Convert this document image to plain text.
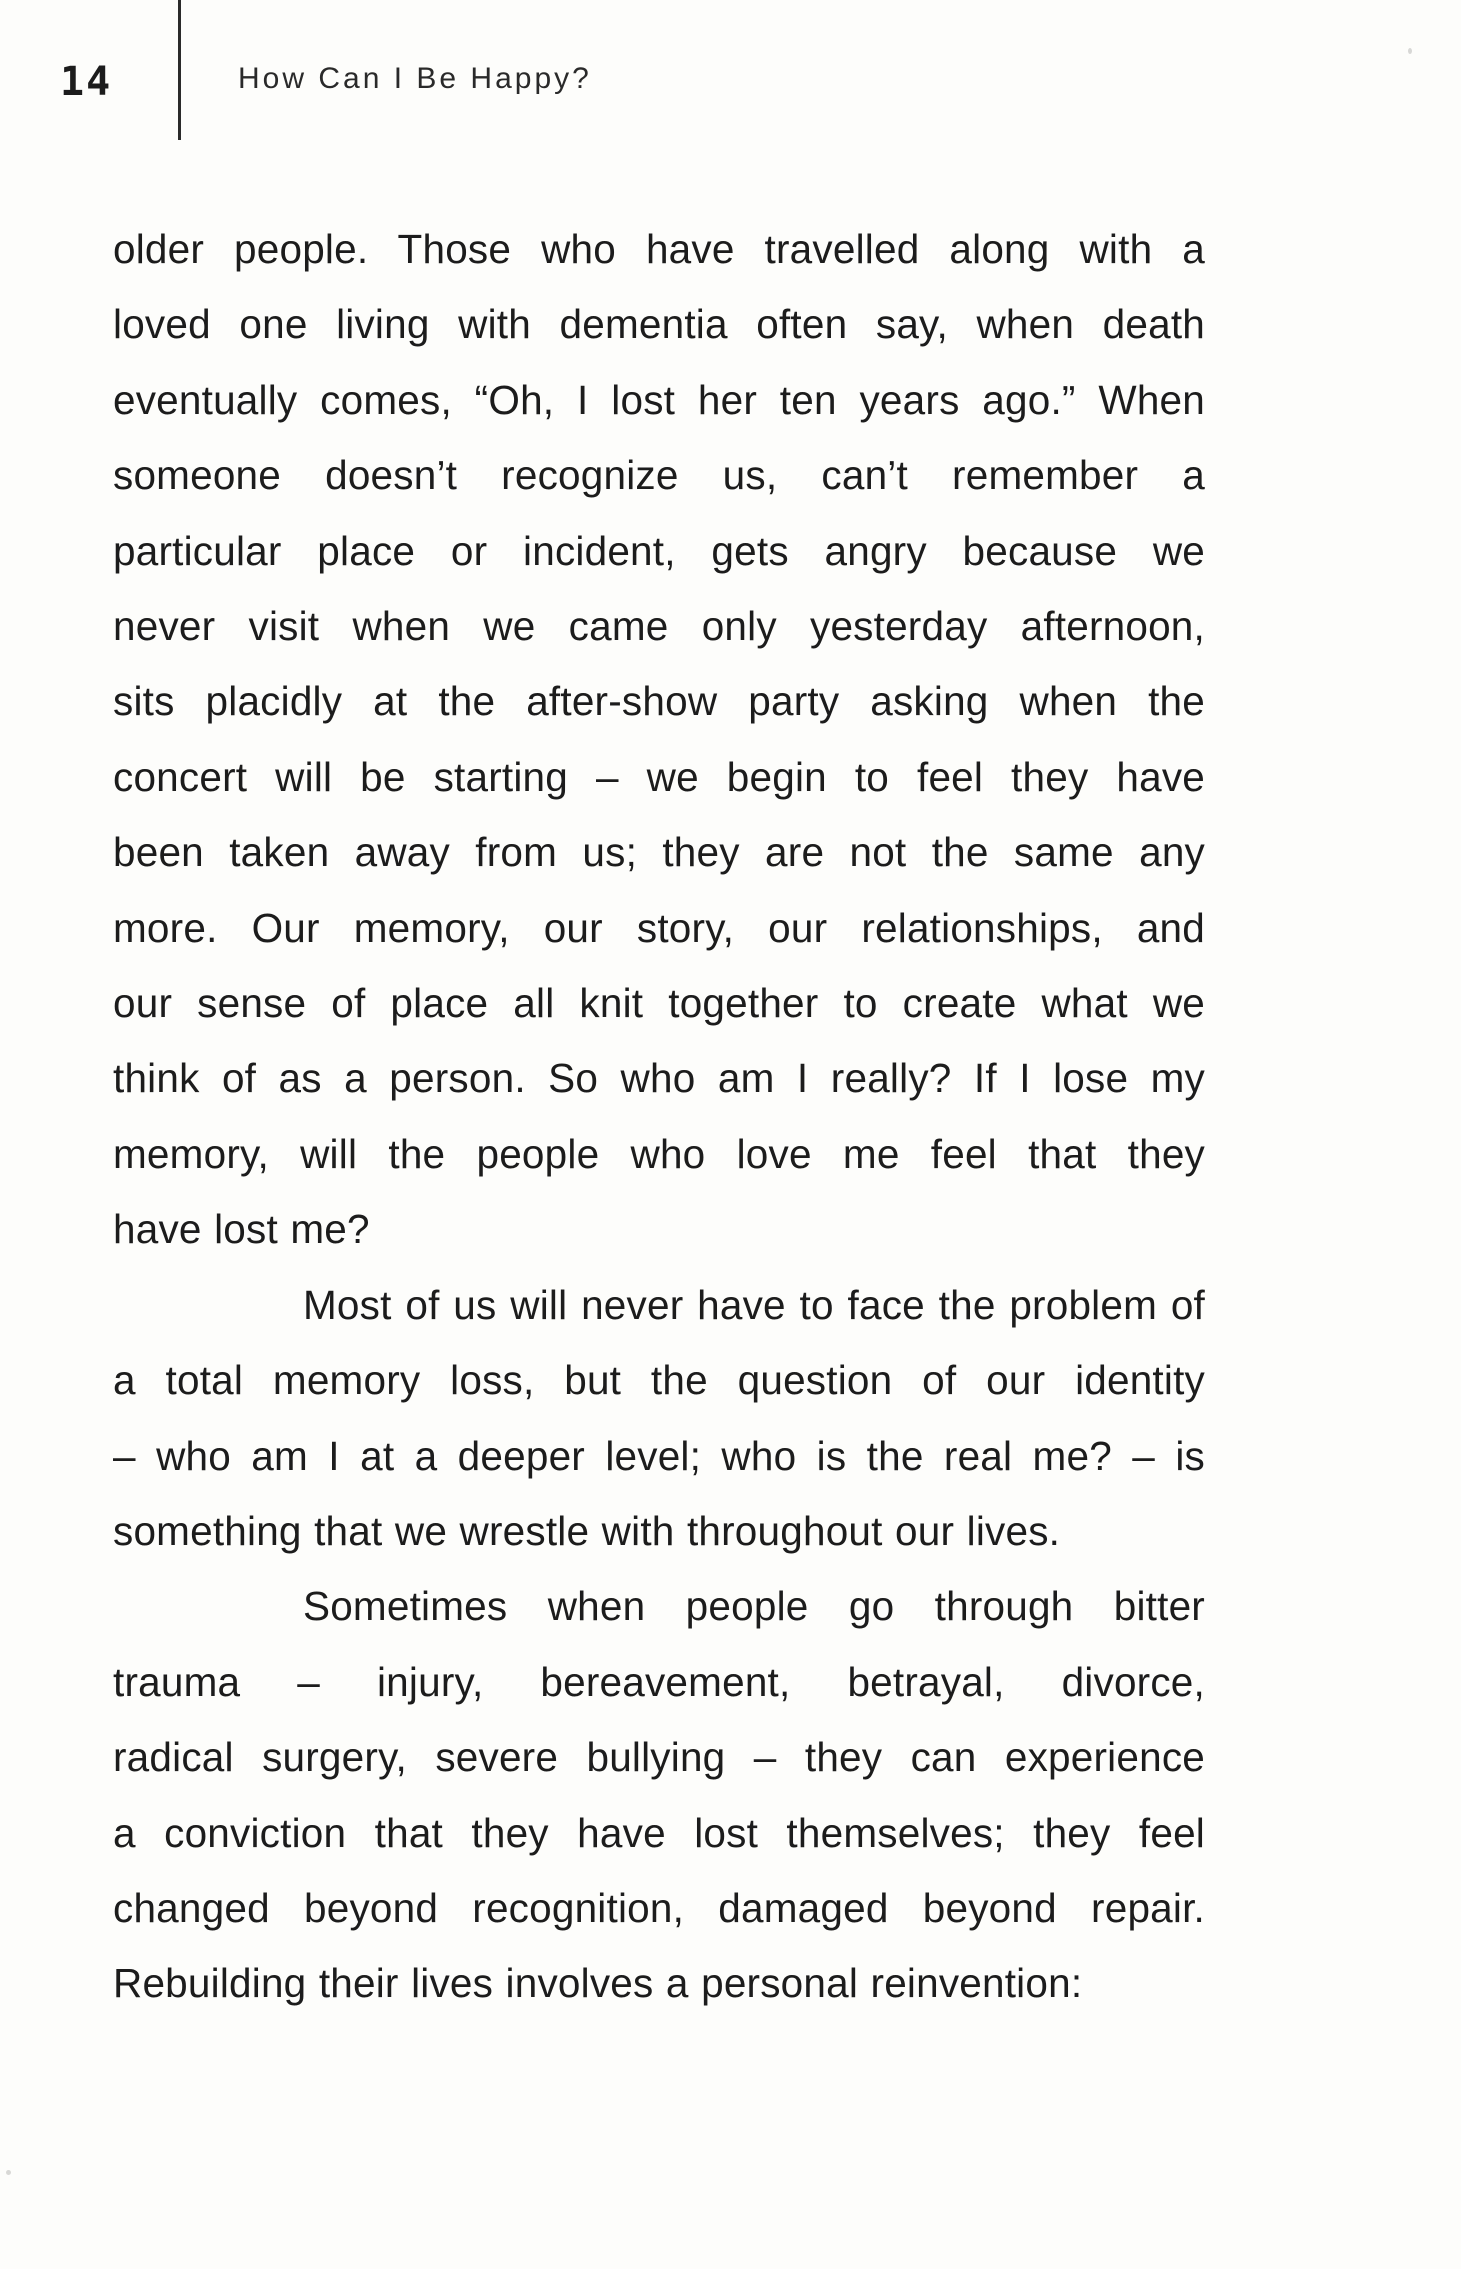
14	How Can I Be Happy?
older people. Those who have travelled along with a
loved one living with dementia often say, when death
eventually comes, “Oh, I lost her ten years ago.” When
someone doesn’t recognize us, can’t remember a
particular place or incident, gets angry because we
never visit when we came only yesterday afternoon,
sits placidly at the after-show party asking when the
concert will be starting – we begin to feel they have
been taken away from us; they are not the same any
more. Our memory, our story, our relationships, and
our sense of place all knit together to create what we
think of as a person. So who am I really? If I lose my
memory, will the people who love me feel that they
have lost me?
Most of us will never have to face the problem of
a total memory loss, but the question of our identity
– who am I at a deeper level; who is the real me? – is
something that we wrestle with throughout our lives.
Sometimes when people go through bitter
trauma – injury, bereavement, betrayal, divorce,
radical surgery, severe bullying – they can experience
a conviction that they have lost themselves; they feel
changed beyond recognition, damaged beyond repair.
Rebuilding their lives involves a personal reinvention:
